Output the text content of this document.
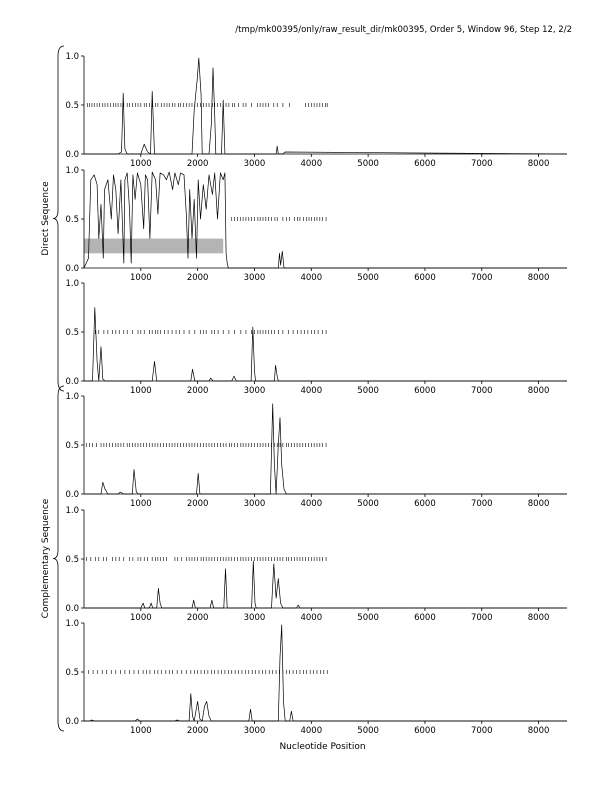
/tmp/mk00395/only/raw_result_dir/mk00395, Order 5, Window 96, Step 12, 2/2
0.0
0.5
1.0
1000	2000	3000	4000	5000	6000	7000	8000
0.0
0.5
1.0
1000	2000	3000	4000	5000	6000	7000	8000
0.0
0.5
1.0
1000	2000	3000	4000	5000	6000	7000	8000
0.0
0.5
1.0
1000	2000	3000	4000	5000	6000	7000	8000
0.0
0.5
1.0
1000	2000	3000	4000	5000	6000	7000	8000
0.0
0.5
1.0
1000	2000	3000	4000	5000	6000	7000	8000
Direct Sequence
Complementary Sequence
Nucleotide Position
